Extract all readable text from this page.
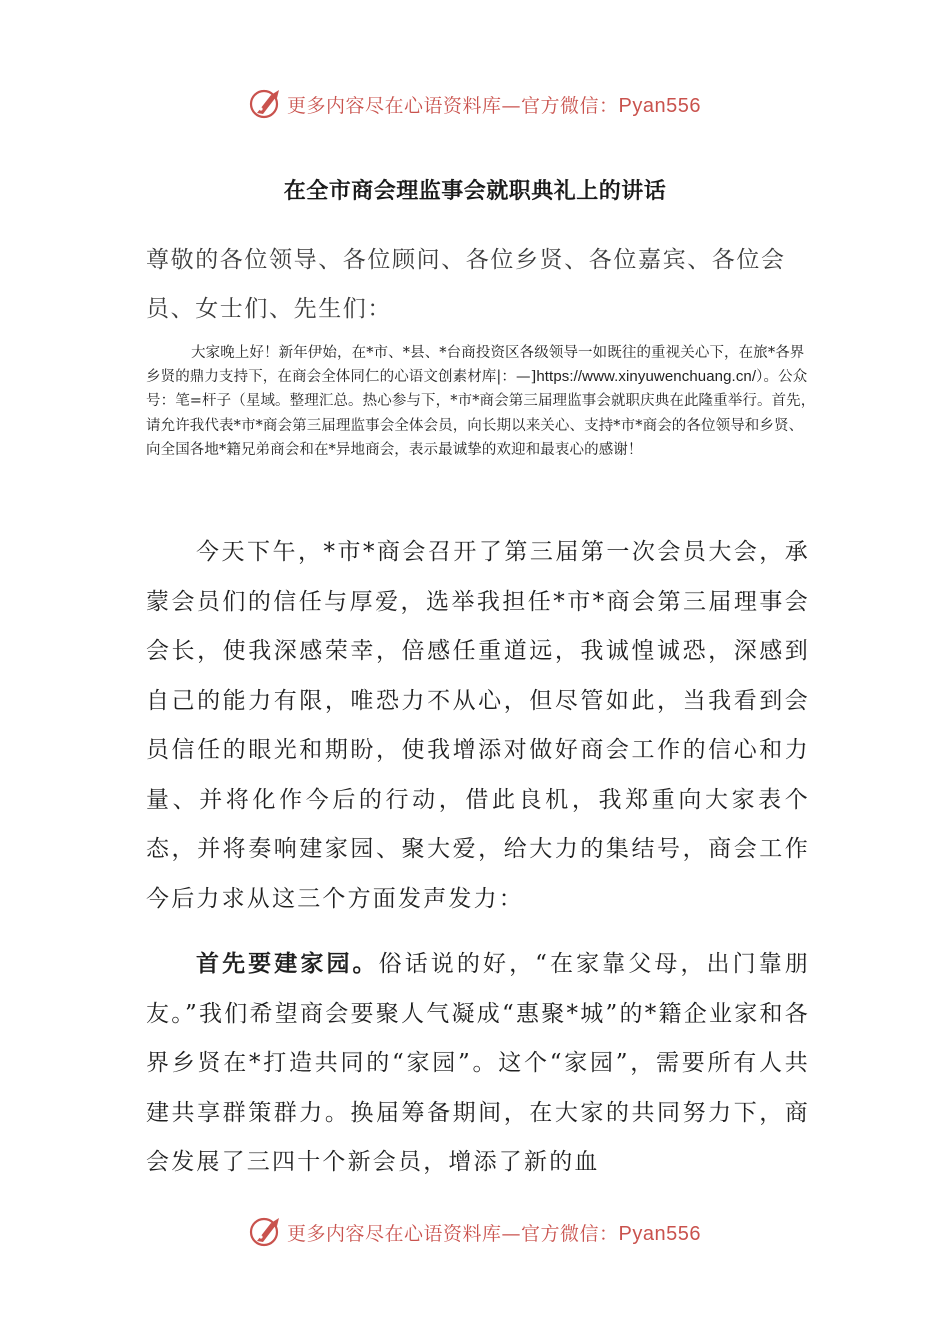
更多内容尽在心语资料库—官方微信：Pyan556
在全市商会理监事会就职典礼上的讲话
尊敬的各位领导、各位顾问、各位乡贤、各位嘉宾、各位会员、女士们、先生们：
大家晚上好！新年伊始，在*市、*县、*台商投资区各级领导一如既往的重视关心下，在旅*各界乡贤的鼎力支持下，在商会全体同仁的心语文创素材库|：—]https://www.xinyuwenchuang.cn/）。公众号：笔=杆子（星域。整理汇总。热心参与下，*市*商会第三届理监事会就职庆典在此隆重举行。首先，请允许我代表*市*商会第三届理监事会全体会员，向长期以来关心、支持*市*商会的各位领导和乡贤、向全国各地*籍兄弟商会和在*异地商会，表示最诚挚的欢迎和最衷心的感谢！
今天下午，*市*商会召开了第三届第一次会员大会，承蒙会员们的信任与厚爱，选举我担任*市*商会第三届理事会会长，使我深感荣幸，倍感任重道远，我诚惶诚恐，深感到自己的能力有限，唯恐力不从心，但尽管如此，当我看到会员信任的眼光和期盼，使我增添对做好商会工作的信心和力量、并将化作今后的行动，借此良机，我郑重向大家表个态，并将奏响建家园、聚大爱，给大力的集结号，商会工作今后力求从这三个方面发声发力：
首先要建家园。俗话说的好，“在家靠父母，出门靠朋友。”我们希望商会要聚人气凝成“惠聚*城”的*籍企业家和各界乡贤在*打造共同的“家园”。这个“家园”，需要所有人共建共享群策群力。换届筹备期间，在大家的共同努力下，商会发展了三四十个新会员，增添了新的血
更多内容尽在心语资料库—官方微信：Pyan556
